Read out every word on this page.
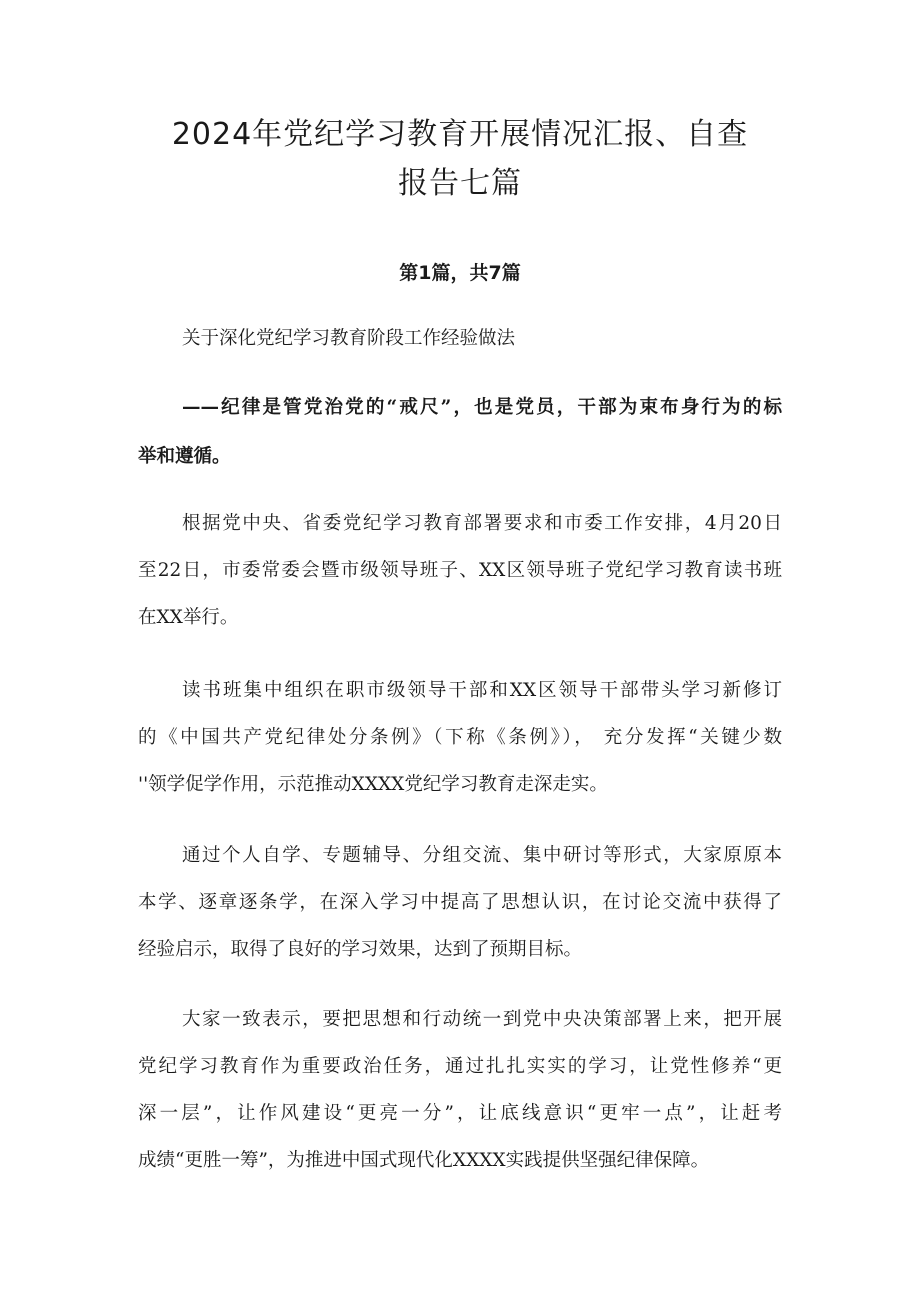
2024年党纪学习教育开展情况汇报、自查
报告七篇
第1篇，共7篇
关于深化党纪学习教育阶段工作经验做法
——纪律是管党治党的“戒尺”，也是党员，干部为束布身行为的标
举和遵循。
根据党中央、省委党纪学习教育部署要求和市委工作安排，4月20日
至22日，市委常委会暨市级领导班子、XX区领导班子党纪学习教育读书班
在XX举行。
读书班集中组织在职市级领导干部和XX区领导干部带头学习新修订
的《中国共产党纪律处分条例》（下称《条例》）， 充分发挥“关键少数
''领学促学作用，示范推动XXXX党纪学习教育走深走实。
通过个人自学、专题辅导、分组交流、集中研讨等形式，大家原原本
本学、逐章逐条学，在深入学习中提高了思想认识，在讨论交流中获得了
经验启示，取得了良好的学习效果，达到了预期目标。
大家一致表示，要把思想和行动统一到党中央决策部署上来，把开展
党纪学习教育作为重要政治任务，通过扎扎实实的学习，让党性修养“更
深一层”，让作风建设“更亮一分”，让底线意识“更牢一点”，让赶考
成绩“更胜一筹”，为推进中国式现代化XXXX实践提供坚强纪律保障。
